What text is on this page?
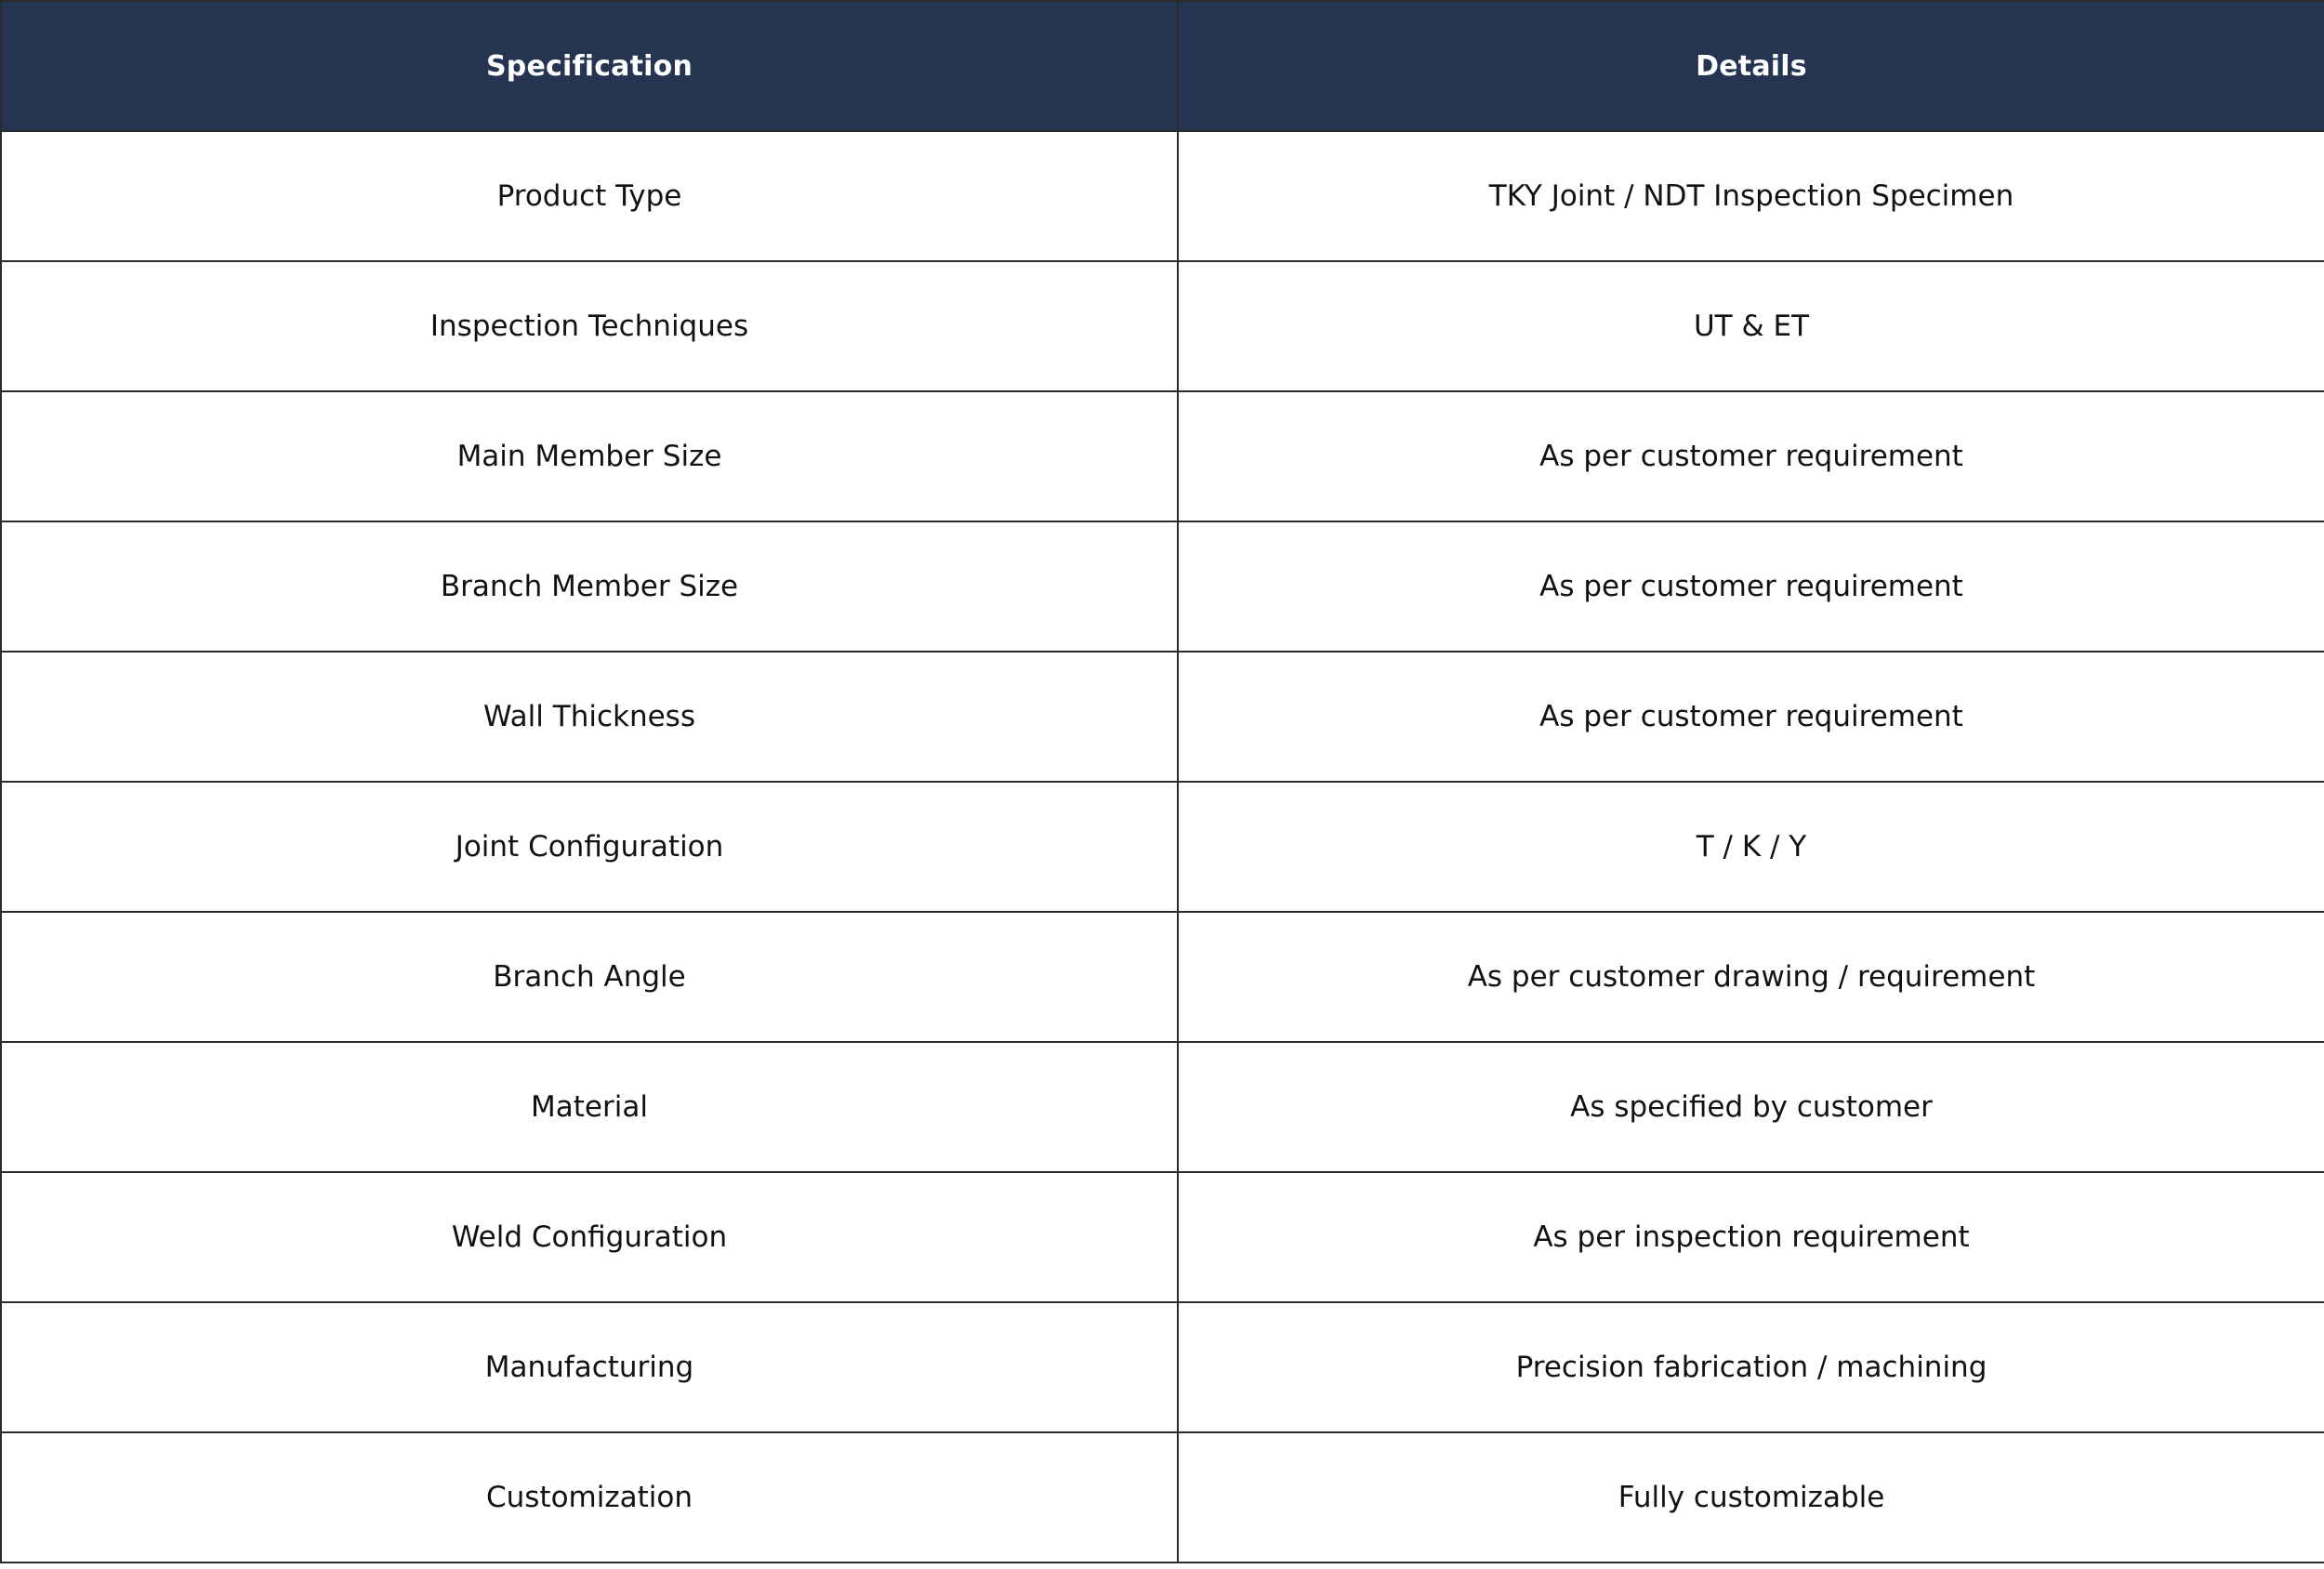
Specification	Details
Product Type	TKY Joint / NDT Inspection Specimen
Inspection Techniques	UT & ET
Main Member Size	As per customer requirement
Branch Member Size	As per customer requirement
Wall Thickness	As per customer requirement
Joint Configuration	T / K / Y
Branch Angle	As per customer drawing / requirement
Material	As specified by customer
Weld Configuration	As per inspection requirement
Manufacturing	Precision fabrication / machining
Customization	Fully customizable
